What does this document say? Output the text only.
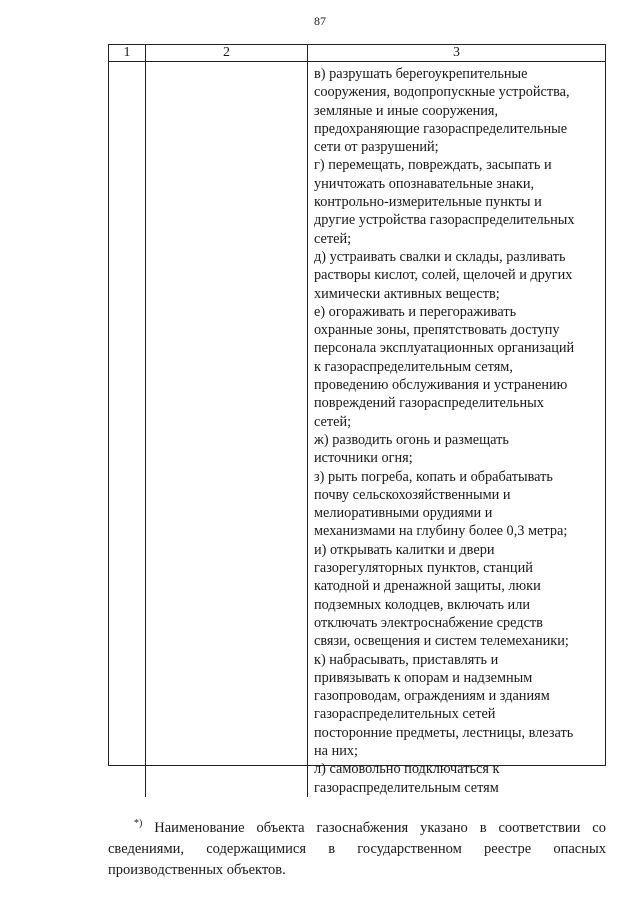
87
1	2	3

в) разрушать берегоукрепительные
сооружения, водопропускные устройства,
земляные и иные сооружения,
предохраняющие газораспределительные
сети от разрушений;

г) перемещать, повреждать, засыпать и
уничтожать опознавательные знаки,
контрольно-измерительные пункты и
другие устройства газораспределительных
сетей;

д) устраивать свалки и склады, разливать
растворы кислот, солей, щелочей и других
химически активных веществ;

е) огораживать и перегораживать
охранные зоны, препятствовать доступу
персонала эксплуатационных организаций
к газораспределительным сетям,
проведению обслуживания и устранению
повреждений газораспределительных
сетей;

ж) разводить огонь и размещать
источники огня;

з) рыть погреба, копать и обрабатывать
почву сельскохозяйственными и
мелиоративными орудиями и
механизмами на глубину более 0,3 метра;

и) открывать калитки и двери
газорегуляторных пунктов, станций
катодной и дренажной защиты, люки
подземных колодцев, включать или
отключать электроснабжение средств
связи, освещения и систем телемеханики;

к) набрасывать, приставлять и
привязывать к опорам и надземным
газопроводам, ограждениям и зданиям
газораспределительных сетей
посторонние предметы, лестницы, влезать
на них;

л) самовольно подключаться к
газораспределительным сетям

*) Наименование объекта газоснабжения указано в соответствии со
сведениями, содержащимися в государственном реестре опасных
производственных объектов.
